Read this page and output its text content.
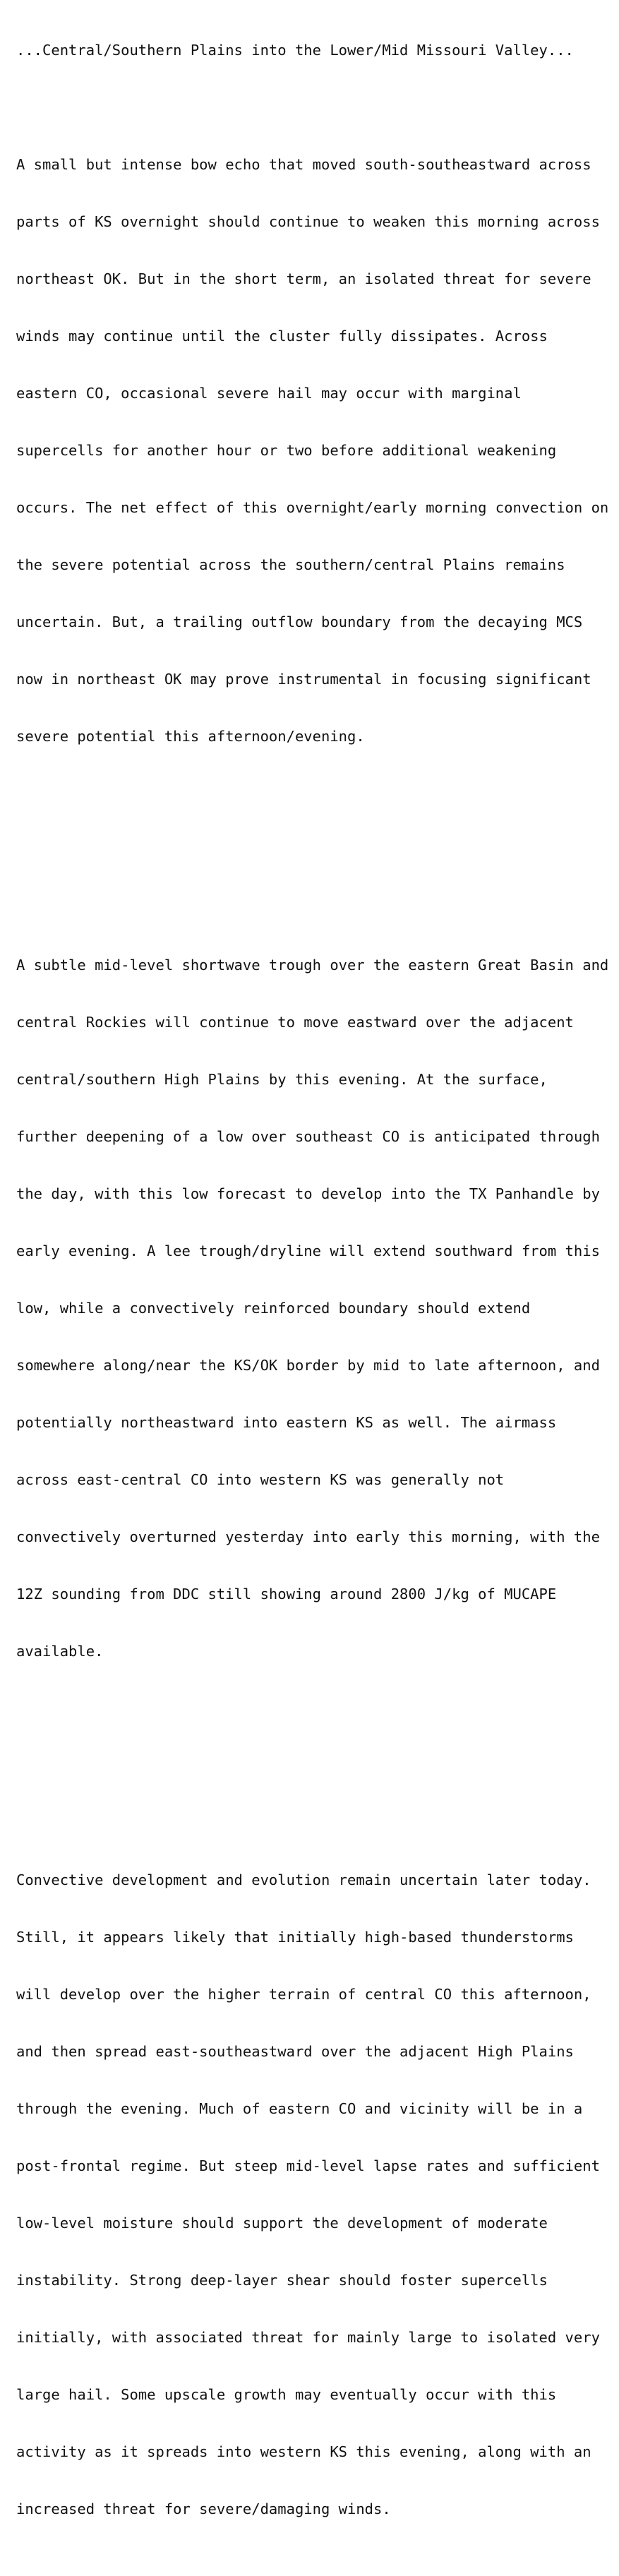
...Central/Southern Plains into the Lower/Mid Missouri Valley...

A small but intense bow echo that moved south-southeastward across

parts of KS overnight should continue to weaken this morning across

northeast OK. But in the short term, an isolated threat for severe

winds may continue until the cluster fully dissipates. Across

eastern CO, occasional severe hail may occur with marginal

supercells for another hour or two before additional weakening

occurs. The net effect of this overnight/early morning convection on

the severe potential across the southern/central Plains remains

uncertain. But, a trailing outflow boundary from the decaying MCS

now in northeast OK may prove instrumental in focusing significant

severe potential this afternoon/evening.

A subtle mid-level shortwave trough over the eastern Great Basin and

central Rockies will continue to move eastward over the adjacent

central/southern High Plains by this evening. At the surface,

further deepening of a low over southeast CO is anticipated through

the day, with this low forecast to develop into the TX Panhandle by

early evening. A lee trough/dryline will extend southward from this

low, while a convectively reinforced boundary should extend

somewhere along/near the KS/OK border by mid to late afternoon, and

potentially northeastward into eastern KS as well. The airmass

across east-central CO into western KS was generally not

convectively overturned yesterday into early this morning, with the

12Z sounding from DDC still showing around 2800 J/kg of MUCAPE

available.

Convective development and evolution remain uncertain later today.

Still, it appears likely that initially high-based thunderstorms

will develop over the higher terrain of central CO this afternoon,

and then spread east-southeastward over the adjacent High Plains

through the evening. Much of eastern CO and vicinity will be in a

post-frontal regime. But steep mid-level lapse rates and sufficient

low-level moisture should support the development of moderate

instability. Strong deep-layer shear should foster supercells

initially, with associated threat for mainly large to isolated very

large hail. Some upscale growth may eventually occur with this

activity as it spreads into western KS this evening, along with an

increased threat for severe/damaging winds.
